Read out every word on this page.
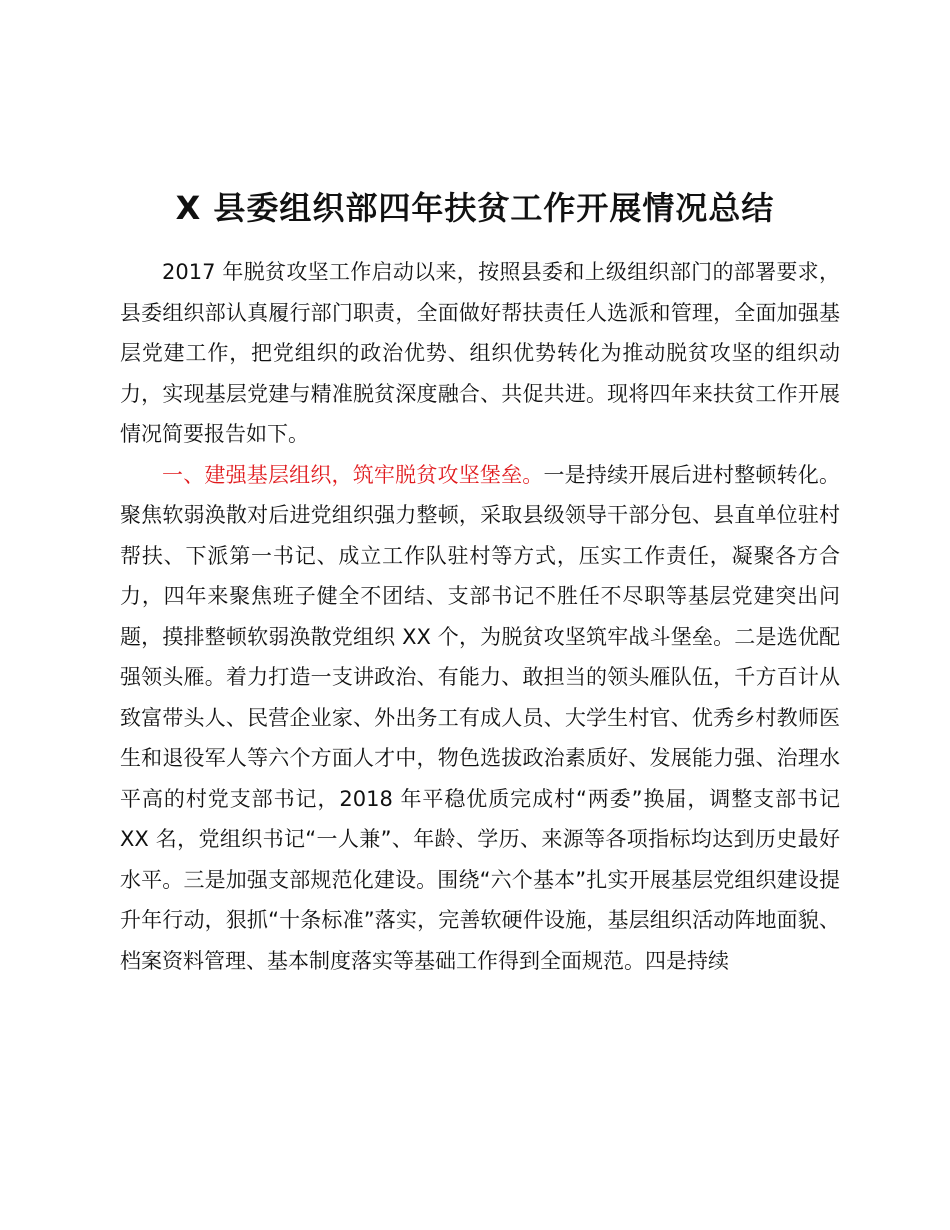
X 县委组织部四年扶贫工作开展情况总结

2017 年脱贫攻坚工作启动以来，按照县委和上级组织部门的部署要求，县委组织部认真履行部门职责，全面做好帮扶责任人选派和管理，全面加强基层党建工作，把党组织的政治优势、组织优势转化为推动脱贫攻坚的组织动力，实现基层党建与精准脱贫深度融合、共促共进。现将四年来扶贫工作开展情况简要报告如下。

一、建强基层组织，筑牢脱贫攻坚堡垒。一是持续开展后进村整顿转化。聚焦软弱涣散对后进党组织强力整顿，采取县级领导干部分包、县直单位驻村帮扶、下派第一书记、成立工作队驻村等方式，压实工作责任，凝聚各方合力，四年来聚焦班子健全不团结、支部书记不胜任不尽职等基层党建突出问题，摸排整顿软弱涣散党组织 XX 个，为脱贫攻坚筑牢战斗堡垒。二是选优配强领头雁。着力打造一支讲政治、有能力、敢担当的领头雁队伍，千方百计从致富带头人、民营企业家、外出务工有成人员、大学生村官、优秀乡村教师医生和退役军人等六个方面人才中，物色选拔政治素质好、发展能力强、治理水平高的村党支部书记，2018 年平稳优质完成村“两委”换届，调整支部书记 XX 名，党组织书记“一人兼”、年龄、学历、来源等各项指标均达到历史最好水平。三是加强支部规范化建设。围绕“六个基本”扎实开展基层党组织建设提升年行动，狠抓“十条标准”落实，完善软硬件设施，基层组织活动阵地面貌、档案资料管理、基本制度落实等基础工作得到全面规范。四是持续
